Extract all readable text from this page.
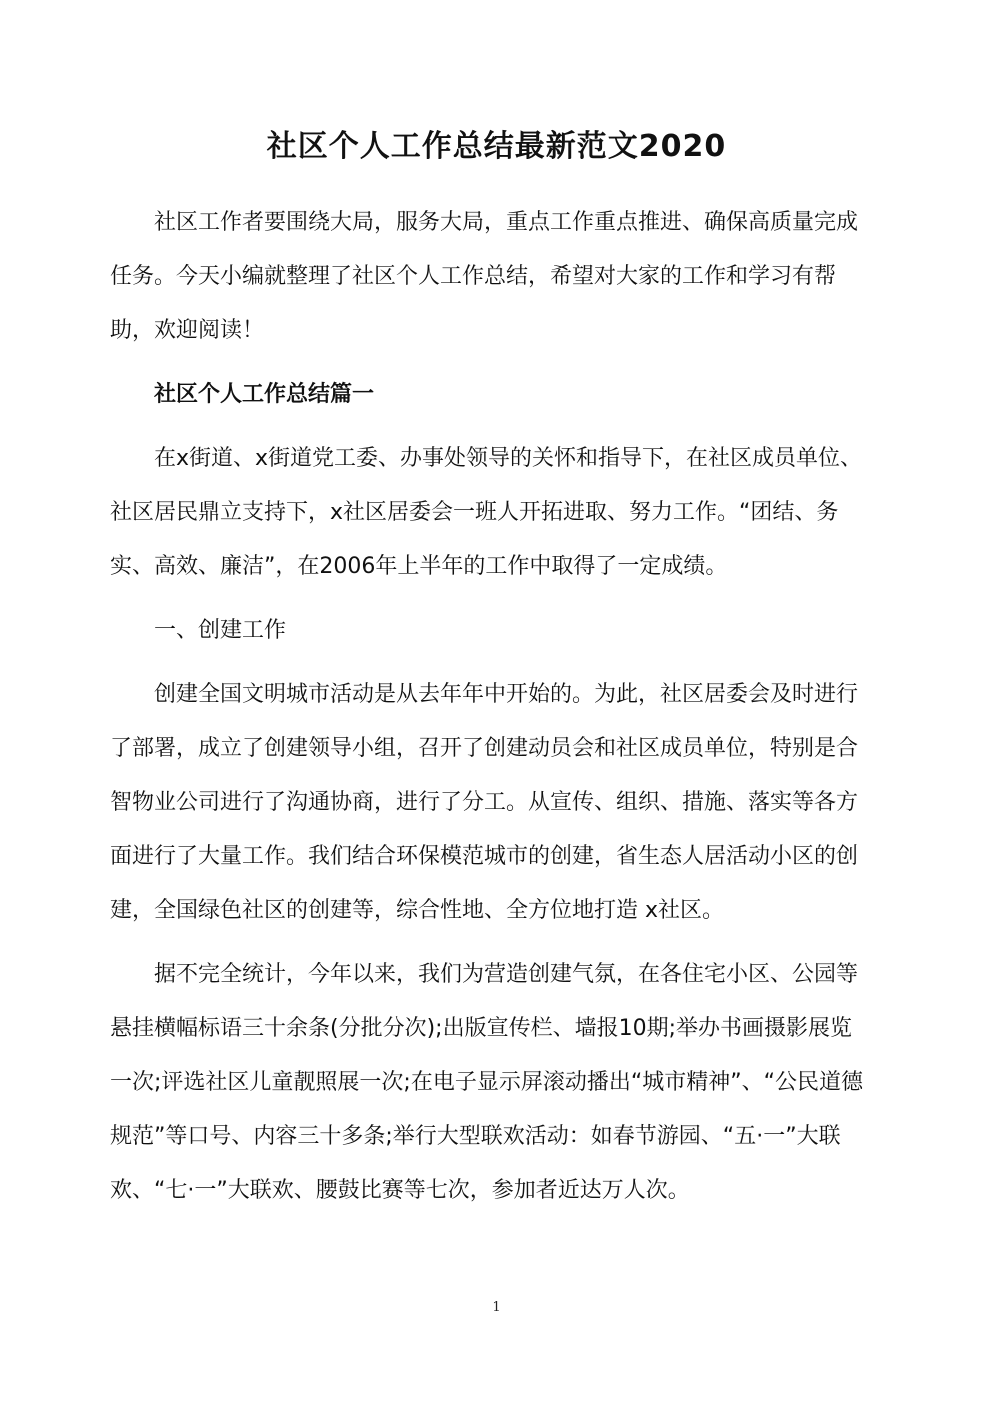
社区个人工作总结最新范文2020

社区工作者要围绕大局，服务大局，重点工作重点推进、确保高质量完成任务。今天小编就整理了社区个人工作总结，希望对大家的工作和学习有帮助，欢迎阅读！

社区个人工作总结篇一

在x街道、x街道党工委、办事处领导的关怀和指导下，在社区成员单位、社区居民鼎立支持下，x社区居委会一班人开拓进取、努力工作。“团结、务实、高效、廉洁”，在2006年上半年的工作中取得了一定成绩。

一、创建工作

创建全国文明城市活动是从去年年中开始的。为此，社区居委会及时进行了部署，成立了创建领导小组，召开了创建动员会和社区成员单位，特别是合智物业公司进行了沟通协商，进行了分工。从宣传、组织、措施、落实等各方面进行了大量工作。我们结合环保模范城市的创建，省生态人居活动小区的创建，全国绿色社区的创建等，综合性地、全方位地打造 x社区。

据不完全统计，今年以来，我们为营造创建气氛，在各住宅小区、公园等悬挂横幅标语三十余条(分批分次);出版宣传栏、墙报10期;举办书画摄影展览一次;评选社区儿童靓照展一次;在电子显示屏滚动播出“城市精神”、“公民道德规范”等口号、内容三十多条;举行大型联欢活动：如春节游园、“五·一”大联欢、“七·一”大联欢、腰鼓比赛等七次，参加者近达万人次。

1
